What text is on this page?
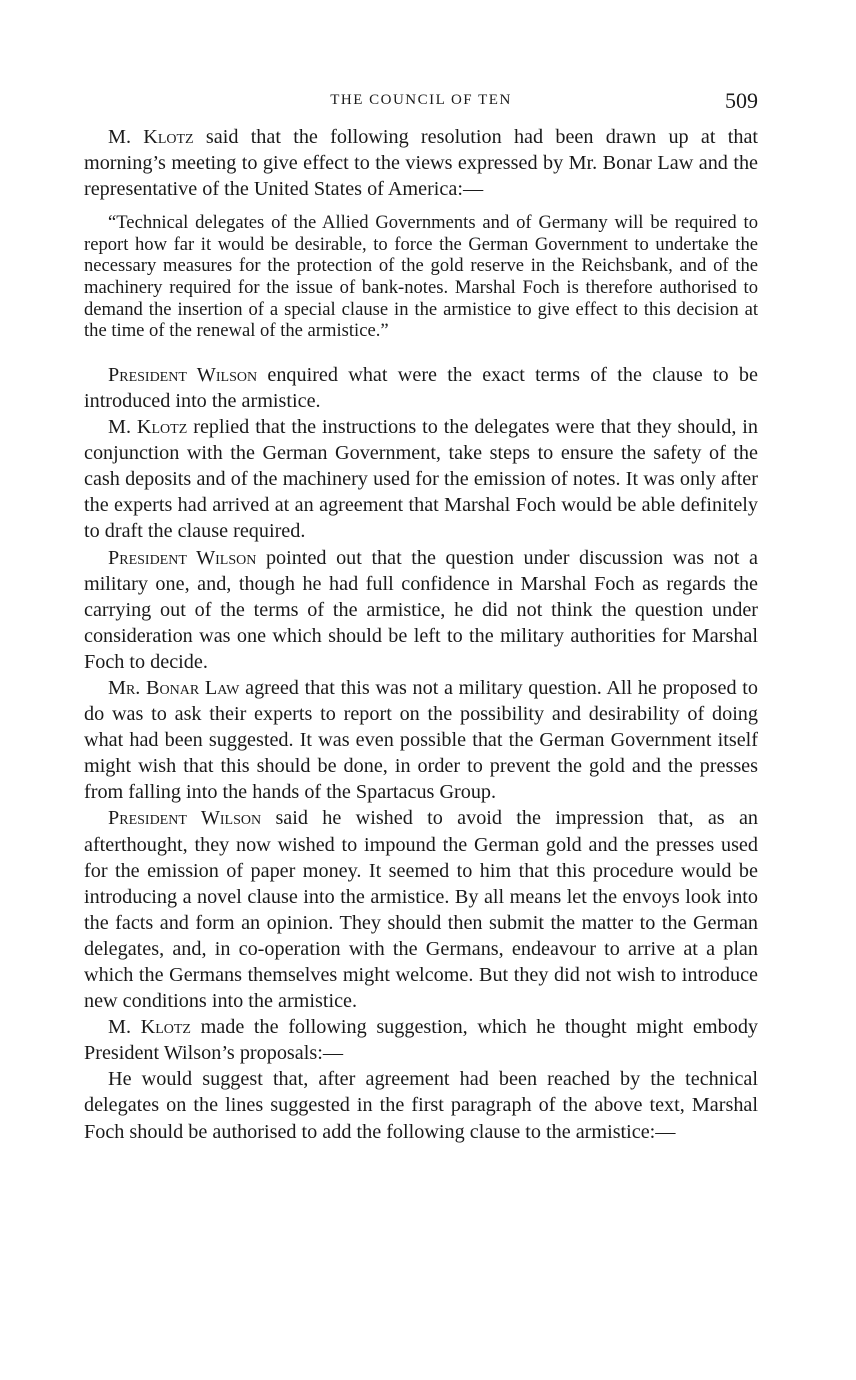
THE COUNCIL OF TEN	509

M. Klotz said that the following resolution had been drawn up at that morning’s meeting to give effect to the views expressed by Mr. Bonar Law and the representative of the United States of America:—

“Technical delegates of the Allied Governments and of Germany will be required to report how far it would be desirable, to force the German Government to undertake the necessary measures for the protection of the gold reserve in the Reichsbank, and of the machinery required for the issue of bank-notes. Marshal Foch is therefore authorised to demand the insertion of a special clause in the armistice to give effect to this decision at the time of the renewal of the armistice.”

President Wilson enquired what were the exact terms of the clause to be introduced into the armistice.

M. Klotz replied that the instructions to the delegates were that they should, in conjunction with the German Government, take steps to ensure the safety of the cash deposits and of the machinery used for the emission of notes. It was only after the experts had arrived at an agreement that Marshal Foch would be able definitely to draft the clause required.

President Wilson pointed out that the question under discussion was not a military one, and, though he had full confidence in Marshal Foch as regards the carrying out of the terms of the armistice, he did not think the question under consideration was one which should be left to the military authorities for Marshal Foch to decide.

Mr. Bonar Law agreed that this was not a military question. All he proposed to do was to ask their experts to report on the possibility and desirability of doing what had been suggested. It was even possible that the German Government itself might wish that this should be done, in order to prevent the gold and the presses from falling into the hands of the Spartacus Group.

President Wilson said he wished to avoid the impression that, as an afterthought, they now wished to impound the German gold and the presses used for the emission of paper money. It seemed to him that this procedure would be introducing a novel clause into the armistice. By all means let the envoys look into the facts and form an opinion. They should then submit the matter to the German delegates, and, in co-operation with the Germans, endeavour to arrive at a plan which the Germans themselves might welcome. But they did not wish to introduce new conditions into the armistice.

M. Klotz made the following suggestion, which he thought might embody President Wilson’s proposals:—

He would suggest that, after agreement had been reached by the technical delegates on the lines suggested in the first paragraph of the above text, Marshal Foch should be authorised to add the following clause to the armistice:—
